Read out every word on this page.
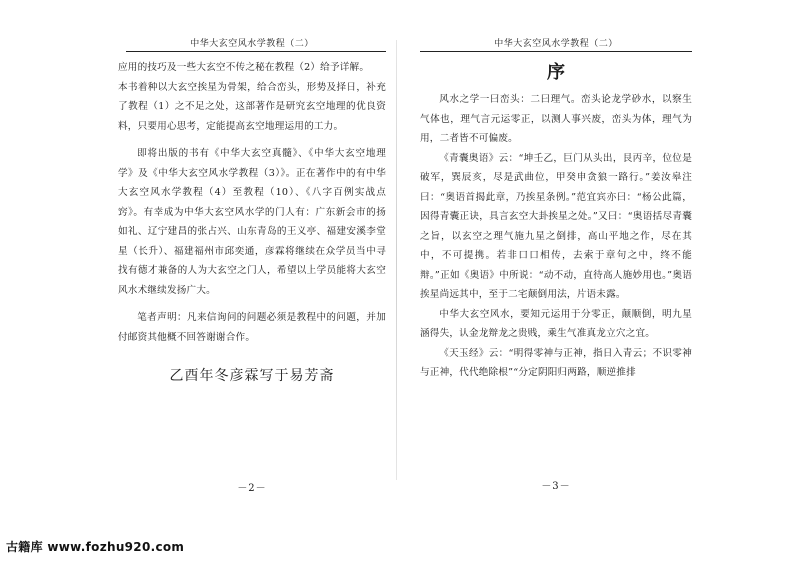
中华大玄空风水学教程（二）

应用的技巧及一些大玄空不传之秘在教程（2）给予详解。

本书着种以大玄空挨星为骨架，给合峦头，形势及择日，补充了教程（1）之不足之处，这部著作是研究玄空地理的优良资料，只要用心思考，定能提高玄空地理运用的工力。

即将出版的书有《中华大玄空真髓》、《中华大玄空地理学》及《中华大玄空风水学教程（3）》。正在著作中的有中华大玄空风水学教程（4）至教程（10）、《八字百例实战点窍》。有幸成为中华大玄空风水学的门人有：广东新会市的扬如礼、辽宁建昌的张占兴、山东青岛的王义亭、福建安溪李堂星（长升）、福建福州市邱奕通，彦霖将继续在众学员当中寻找有德才兼备的人为大玄空之门人，希望以上学员能将大玄空风水术继续发扬广大。

笔者声明：凡来信询问的问题必须是教程中的问题，并加付邮资其他概不回答谢谢合作。

乙酉年冬彦霖写于易芳斋
－2－
中华大玄空风水学教程（二）
序

风水之学一曰峦头：二曰理气。峦头论龙学砂水，以察生气体也，理气言元运零正，以测人事兴废，峦头为体，理气为用，二者皆不可偏废。

《青囊奥语》云：“坤壬乙，巨门从头出，艮丙辛，位位是破军，巽辰亥，尽是武曲位，甲癸申贪狼一路行。”姜汝皋注曰：“奥语首揭此章，乃挨星条例。”范宜宾亦曰：“杨公此篇，因得青囊正诀，具言玄空大卦挨星之处。”又曰：“奥语括尽青囊之旨，以玄空之理气施九星之倒排，高山平地之作，尽在其中，不可提携。若非口口相传，去索于章句之中，终不能辩。”正如《奥语》中所说：“动不动，直待高人施妙用也。”奥语挨星尚远其中，至于二宅颠倒用法，片语未露。

中华大玄空风水，要知元运用于分零正，颠顺倒，明九星涵得失，认金龙辩龙之贵贱，乘生气准真龙立穴之宜。

《天玉经》云：“明得零神与正神，指日入青云；不识零神与正神，代代绝除根”“分定阴阳归两路，顺逆推排

－3－
古籍库 www.fozhu920.com
